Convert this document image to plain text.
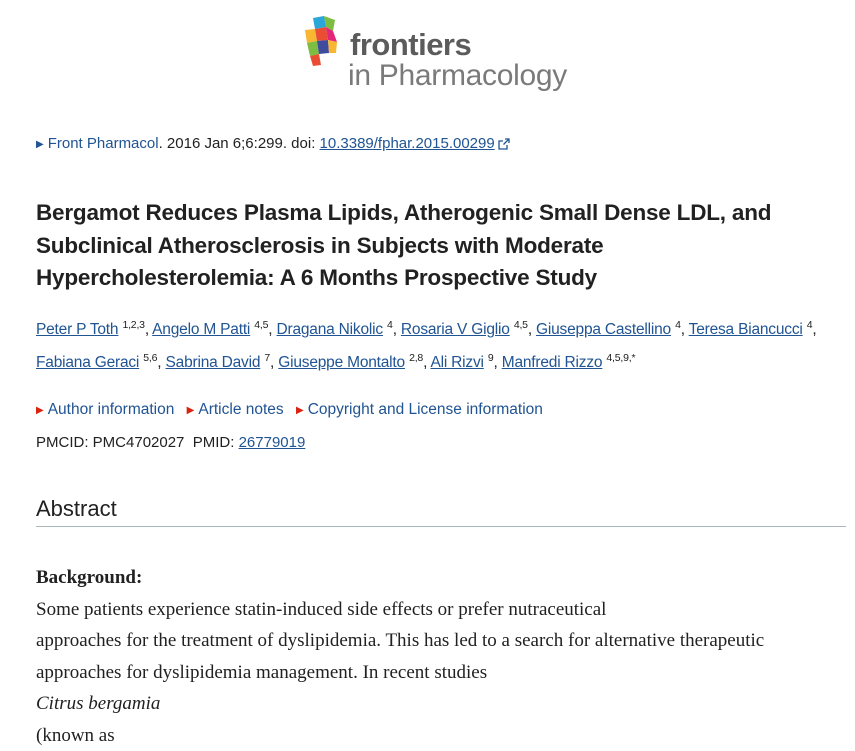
frontiers
in Pharmacology
▶ Front Pharmacol. 2016 Jan 6;6:299. doi: 10.3389/fphar.2015.00299
Bergamot Reduces Plasma Lipids, Atherogenic Small Dense LDL, and Subclinical Atherosclerosis in Subjects with Moderate Hypercholesterolemia: A 6 Months Prospective Study
Peter P Toth $^{1,2,3}$, Angelo M Patti $^{4,5}$, Dragana Nikolic $^4$, Rosaria V Giglio $^{4,5}$, Giuseppa Castellino $^4$, Teresa Biancucci $^4$, Fabiana Geraci $^{5,6}$, Sabrina David $^7$, Giuseppe Montalto $^{2,8}$, Ali Rizvi $^9$, Manfredi Rizzo $^{4,5,9,*}$
▶ Author information ▶ Article notes ▶ Copyright and License information
PMCID: PMC4702027 PMID: 26779019
Abstract
Background:
Some patients experience statin-induced side effects or prefer nutraceutical
approaches for the treatment of dyslipidemia. This has led to a search for alternative therapeutic
approaches for dyslipidemia management. In recent studies
Citrus bergamia
(known as
